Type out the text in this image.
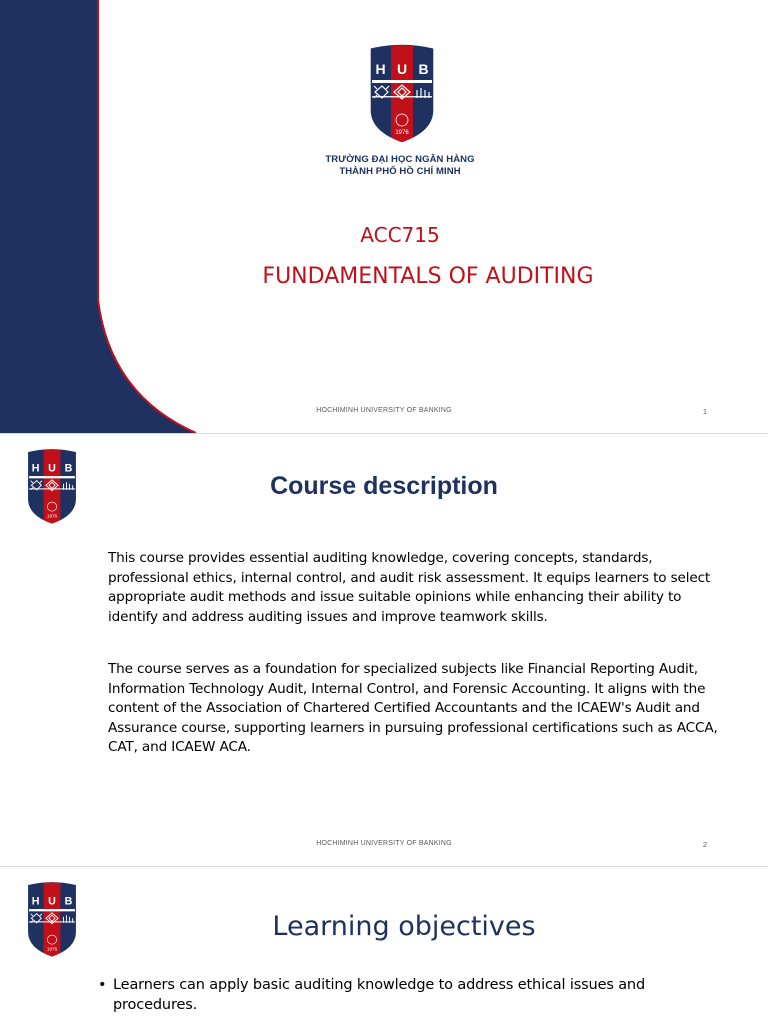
H U B
1976
TRƯỜNG ĐẠI HỌC NGÂN HÀNG
THÀNH PHỐ HỒ CHÍ MINH
ACC715
FUNDAMENTALS OF AUDITING
HOCHIMINH UNIVERSITY OF BANKING	1
H U B
1976
Course description
This course provides essential auditing knowledge, covering concepts, standards, professional ethics, internal control, and audit risk assessment. It equips learners to select appropriate audit methods and issue suitable opinions while enhancing their ability to identify and address auditing issues and improve teamwork skills.
The course serves as a foundation for specialized subjects like Financial Reporting Audit, Information Technology Audit, Internal Control, and Forensic Accounting. It aligns with the content of the Association of Chartered Certified Accountants and the ICAEW's Audit and Assurance course, supporting learners in pursuing professional certifications such as ACCA, CAT, and ICAEW ACA.
HOCHIMINH UNIVERSITY OF BANKING	2
H U B
1976
Learning objectives
• Learners can apply basic auditing knowledge to address ethical issues and procedures.
